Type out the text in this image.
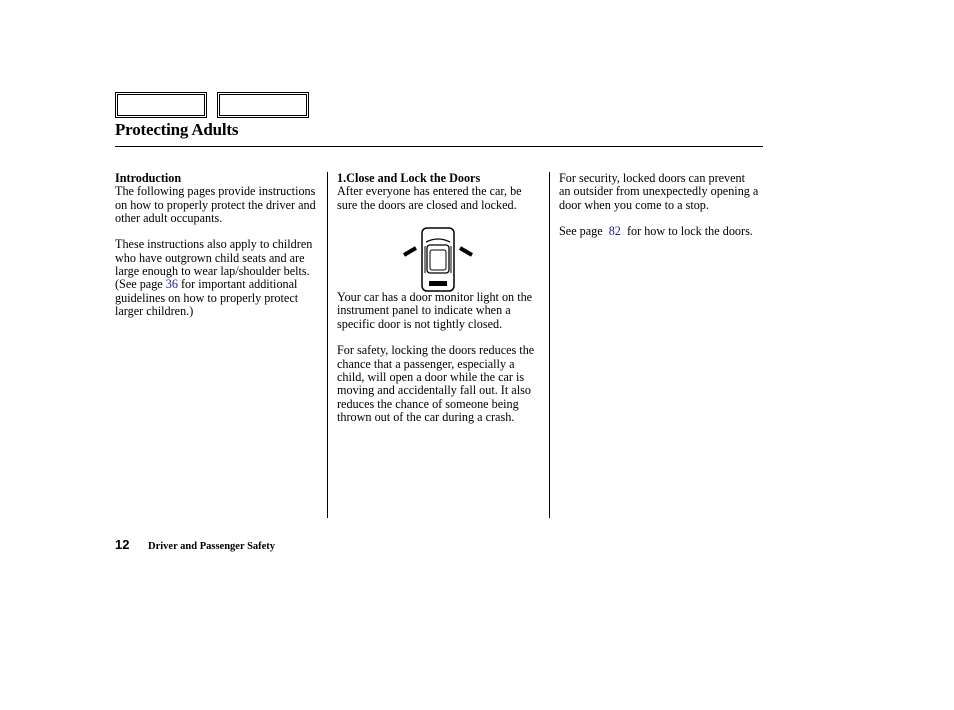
Protecting Adults
Introduction

The following pages provide instructions on how to properly protect the driver and other adult occupants.

These instructions also apply to children who have outgrown child seats and are large enough to wear lap/shoulder belts. (See page 36 for important additional guidelines on how to properly protect larger children.)

1.Close and Lock the Doors

After everyone has entered the car, be sure the doors are closed and locked.

Your car has a door monitor light on the instrument panel to indicate when a specific door is not tightly closed.

For safety, locking the doors reduces the chance that a passenger, especially a child, will open a door while the car is moving and accidentally fall out. It also reduces the chance of someone being thrown out of the car during a crash.

For security, locked doors can prevent an outsider from unexpectedly opening a door when you come to a stop.

See page 82 for how to lock the doors.

12 Driver and Passenger Safety
